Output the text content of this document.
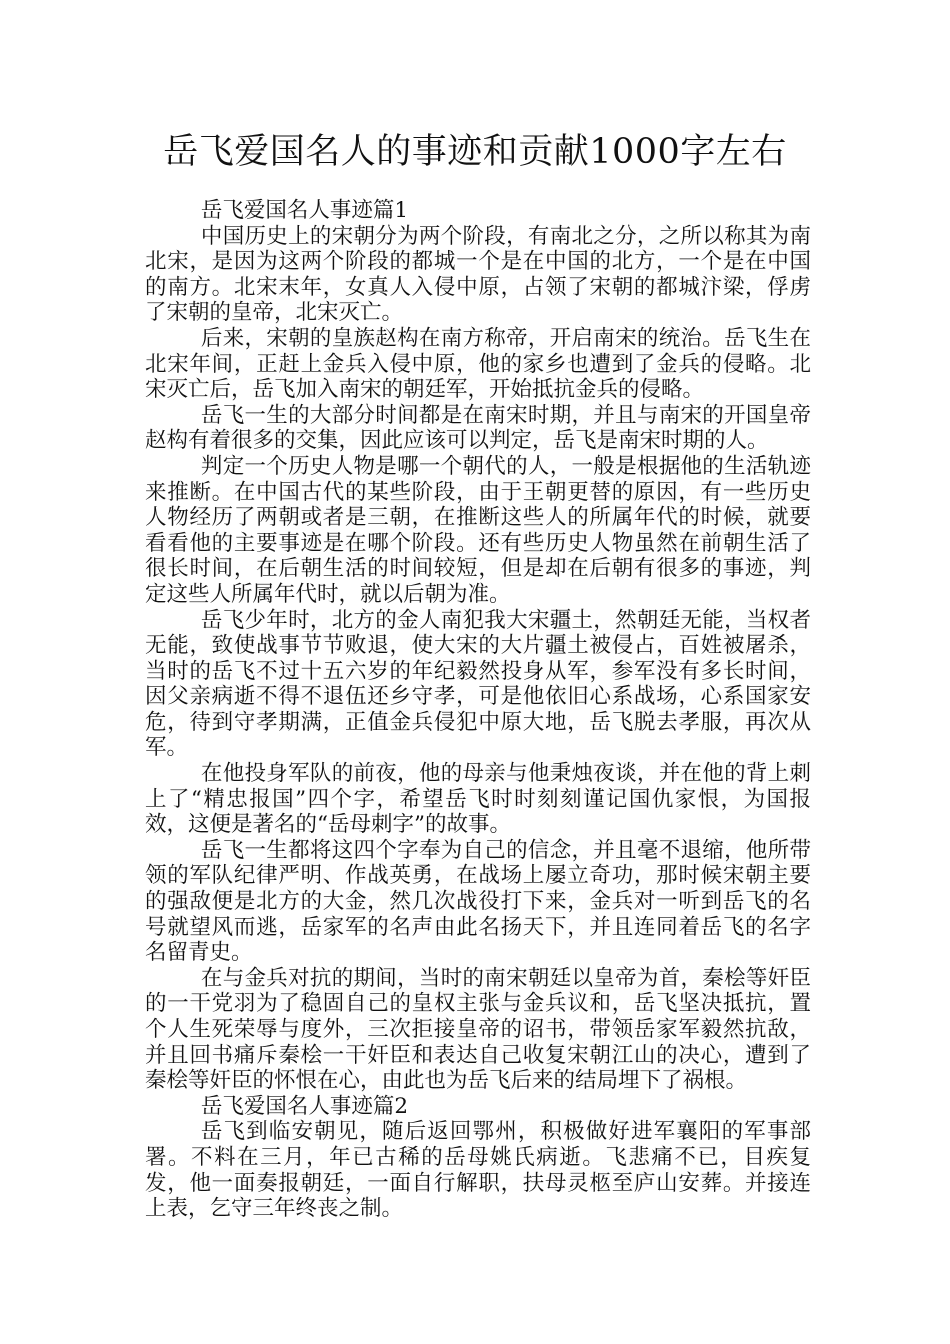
岳飞爱国名人的事迹和贡献1000字左右

岳飞爱国名人事迹篇1

中国历史上的宋朝分为两个阶段，有南北之分，之所以称其为南北宋，是因为这两个阶段的都城一个是在中国的北方，一个是在中国的南方。北宋末年，女真人入侵中原，占领了宋朝的都城汴梁，俘虏了宋朝的皇帝，北宋灭亡。

后来，宋朝的皇族赵构在南方称帝，开启南宋的统治。岳飞生在北宋年间，正赶上金兵入侵中原，他的家乡也遭到了金兵的侵略。北宋灭亡后，岳飞加入南宋的朝廷军，开始抵抗金兵的侵略。

岳飞一生的大部分时间都是在南宋时期，并且与南宋的开国皇帝赵构有着很多的交集，因此应该可以判定，岳飞是南宋时期的人。

判定一个历史人物是哪一个朝代的人，一般是根据他的生活轨迹来推断。在中国古代的某些阶段，由于王朝更替的原因，有一些历史人物经历了两朝或者是三朝，在推断这些人的所属年代的时候，就要看看他的主要事迹是在哪个阶段。还有些历史人物虽然在前朝生活了很长时间，在后朝生活的时间较短，但是却在后朝有很多的事迹，判定这些人所属年代时，就以后朝为准。

岳飞少年时，北方的金人南犯我大宋疆土，然朝廷无能，当权者无能，致使战事节节败退，使大宋的大片疆土被侵占，百姓被屠杀，当时的岳飞不过十五六岁的年纪毅然投身从军，参军没有多长时间，因父亲病逝不得不退伍还乡守孝，可是他依旧心系战场，心系国家安危，待到守孝期满，正值金兵侵犯中原大地，岳飞脱去孝服，再次从军。

在他投身军队的前夜，他的母亲与他秉烛夜谈，并在他的背上刺上了“精忠报国”四个字，希望岳飞时时刻刻谨记国仇家恨，为国报效，这便是著名的“岳母刺字”的故事。

岳飞一生都将这四个字奉为自己的信念，并且毫不退缩，他所带领的军队纪律严明、作战英勇，在战场上屡立奇功，那时候宋朝主要的强敌便是北方的大金，然几次战役打下来，金兵对一听到岳飞的名号就望风而逃，岳家军的名声由此名扬天下，并且连同着岳飞的名字名留青史。

在与金兵对抗的期间，当时的南宋朝廷以皇帝为首，秦桧等奸臣的一干党羽为了稳固自己的皇权主张与金兵议和，岳飞坚决抵抗，置个人生死荣辱与度外，三次拒接皇帝的诏书，带领岳家军毅然抗敌，并且回书痛斥秦桧一干奸臣和表达自己收复宋朝江山的决心，遭到了秦桧等奸臣的怀恨在心，由此也为岳飞后来的结局埋下了祸根。

岳飞爱国名人事迹篇2

岳飞到临安朝见，随后返回鄂州，积极做好进军襄阳的军事部署。不料在三月，年已古稀的岳母姚氏病逝。飞悲痛不已，目疾复发，他一面奏报朝廷，一面自行解职，扶母灵柩至庐山安葬。并接连上表，乞守三年终丧之制。
